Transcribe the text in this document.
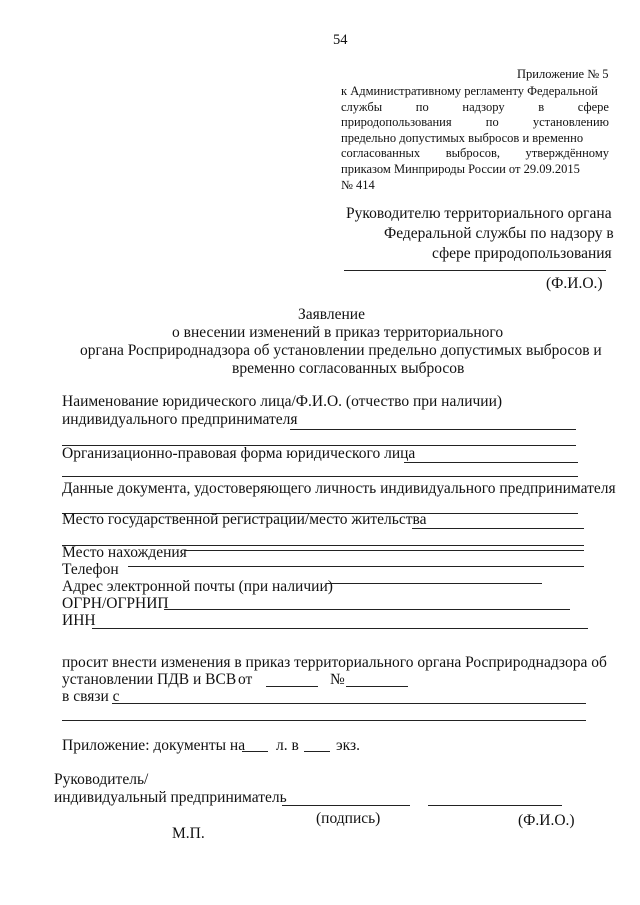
54
Приложение № 5
к Административному регламенту Федеральной
службы	по	надзору	в	сфере
природопользования	по	установлению
предельно допустимых выбросов и временно
согласованных выбросов, утверждённому
приказом Минприроды России от 29.09.2015
№ 414
Руководителю территориального органа
Федеральной службы по надзору в
сфере природопользования
(Ф.И.О.)
Заявление
о внесении изменений в приказ территориального
органа Росприроднадзора об установлении предельно допустимых выбросов и
временно согласованных выбросов
Наименование юридического лица/Ф.И.О. (отчество при наличии)
индивидуального предпринимателя
Организационно-правовая форма юридического лица
Данные документа, удостоверяющего личность индивидуального предпринимателя
Место государственной регистрации/место жительства
Место нахождения
Телефон
Адрес электронной почты (при наличии)
ОГРН/ОГРНИП
ИНН
просит внести изменения в приказ территориального органа Росприроднадзора об
установлении ПДВ и ВСВ от	№
в связи с
Приложение: документы на л. в экз.
Руководитель/
индивидуальный предприниматель
(подпись)	(Ф.И.О.)
М.П.
